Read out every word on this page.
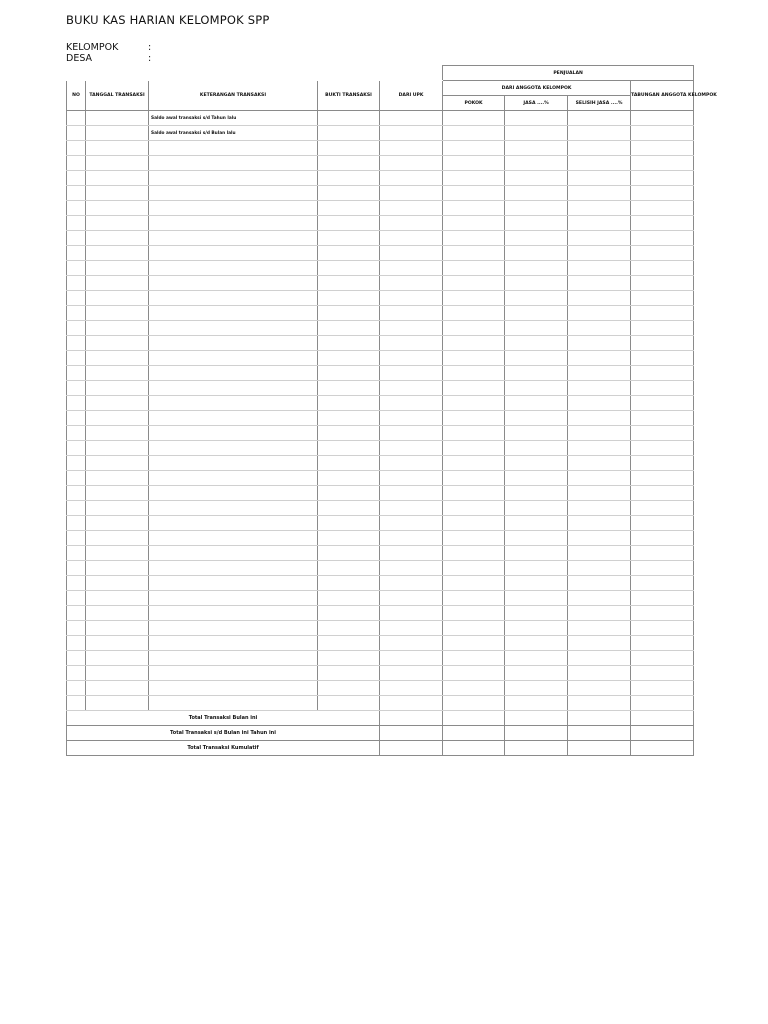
BUKU KAS HARIAN KELOMPOK SPP
KELOMPOK	:
DESA	:
					PENJUALAN			
NO	TANGGAL TRANSAKSI	KETERANGAN TRANSAKSI	BUKTI TRANSAKSI	DARI UPK	DARI ANGGOTA KELOMPOK			TABUNGAN ANGGOTA KELOMPOK
					POKOK	JASA ....%	SELISIH JASA ....%	
		Saldo awal transaksi s/d Tahun lalu						
		Saldo awal transaksi s/d Bulan lalu						

Total Transaksi Bulan ini								
Total Transaksi s/d Bulan ini Tahun ini								
Total Transaksi Kumulatif								
